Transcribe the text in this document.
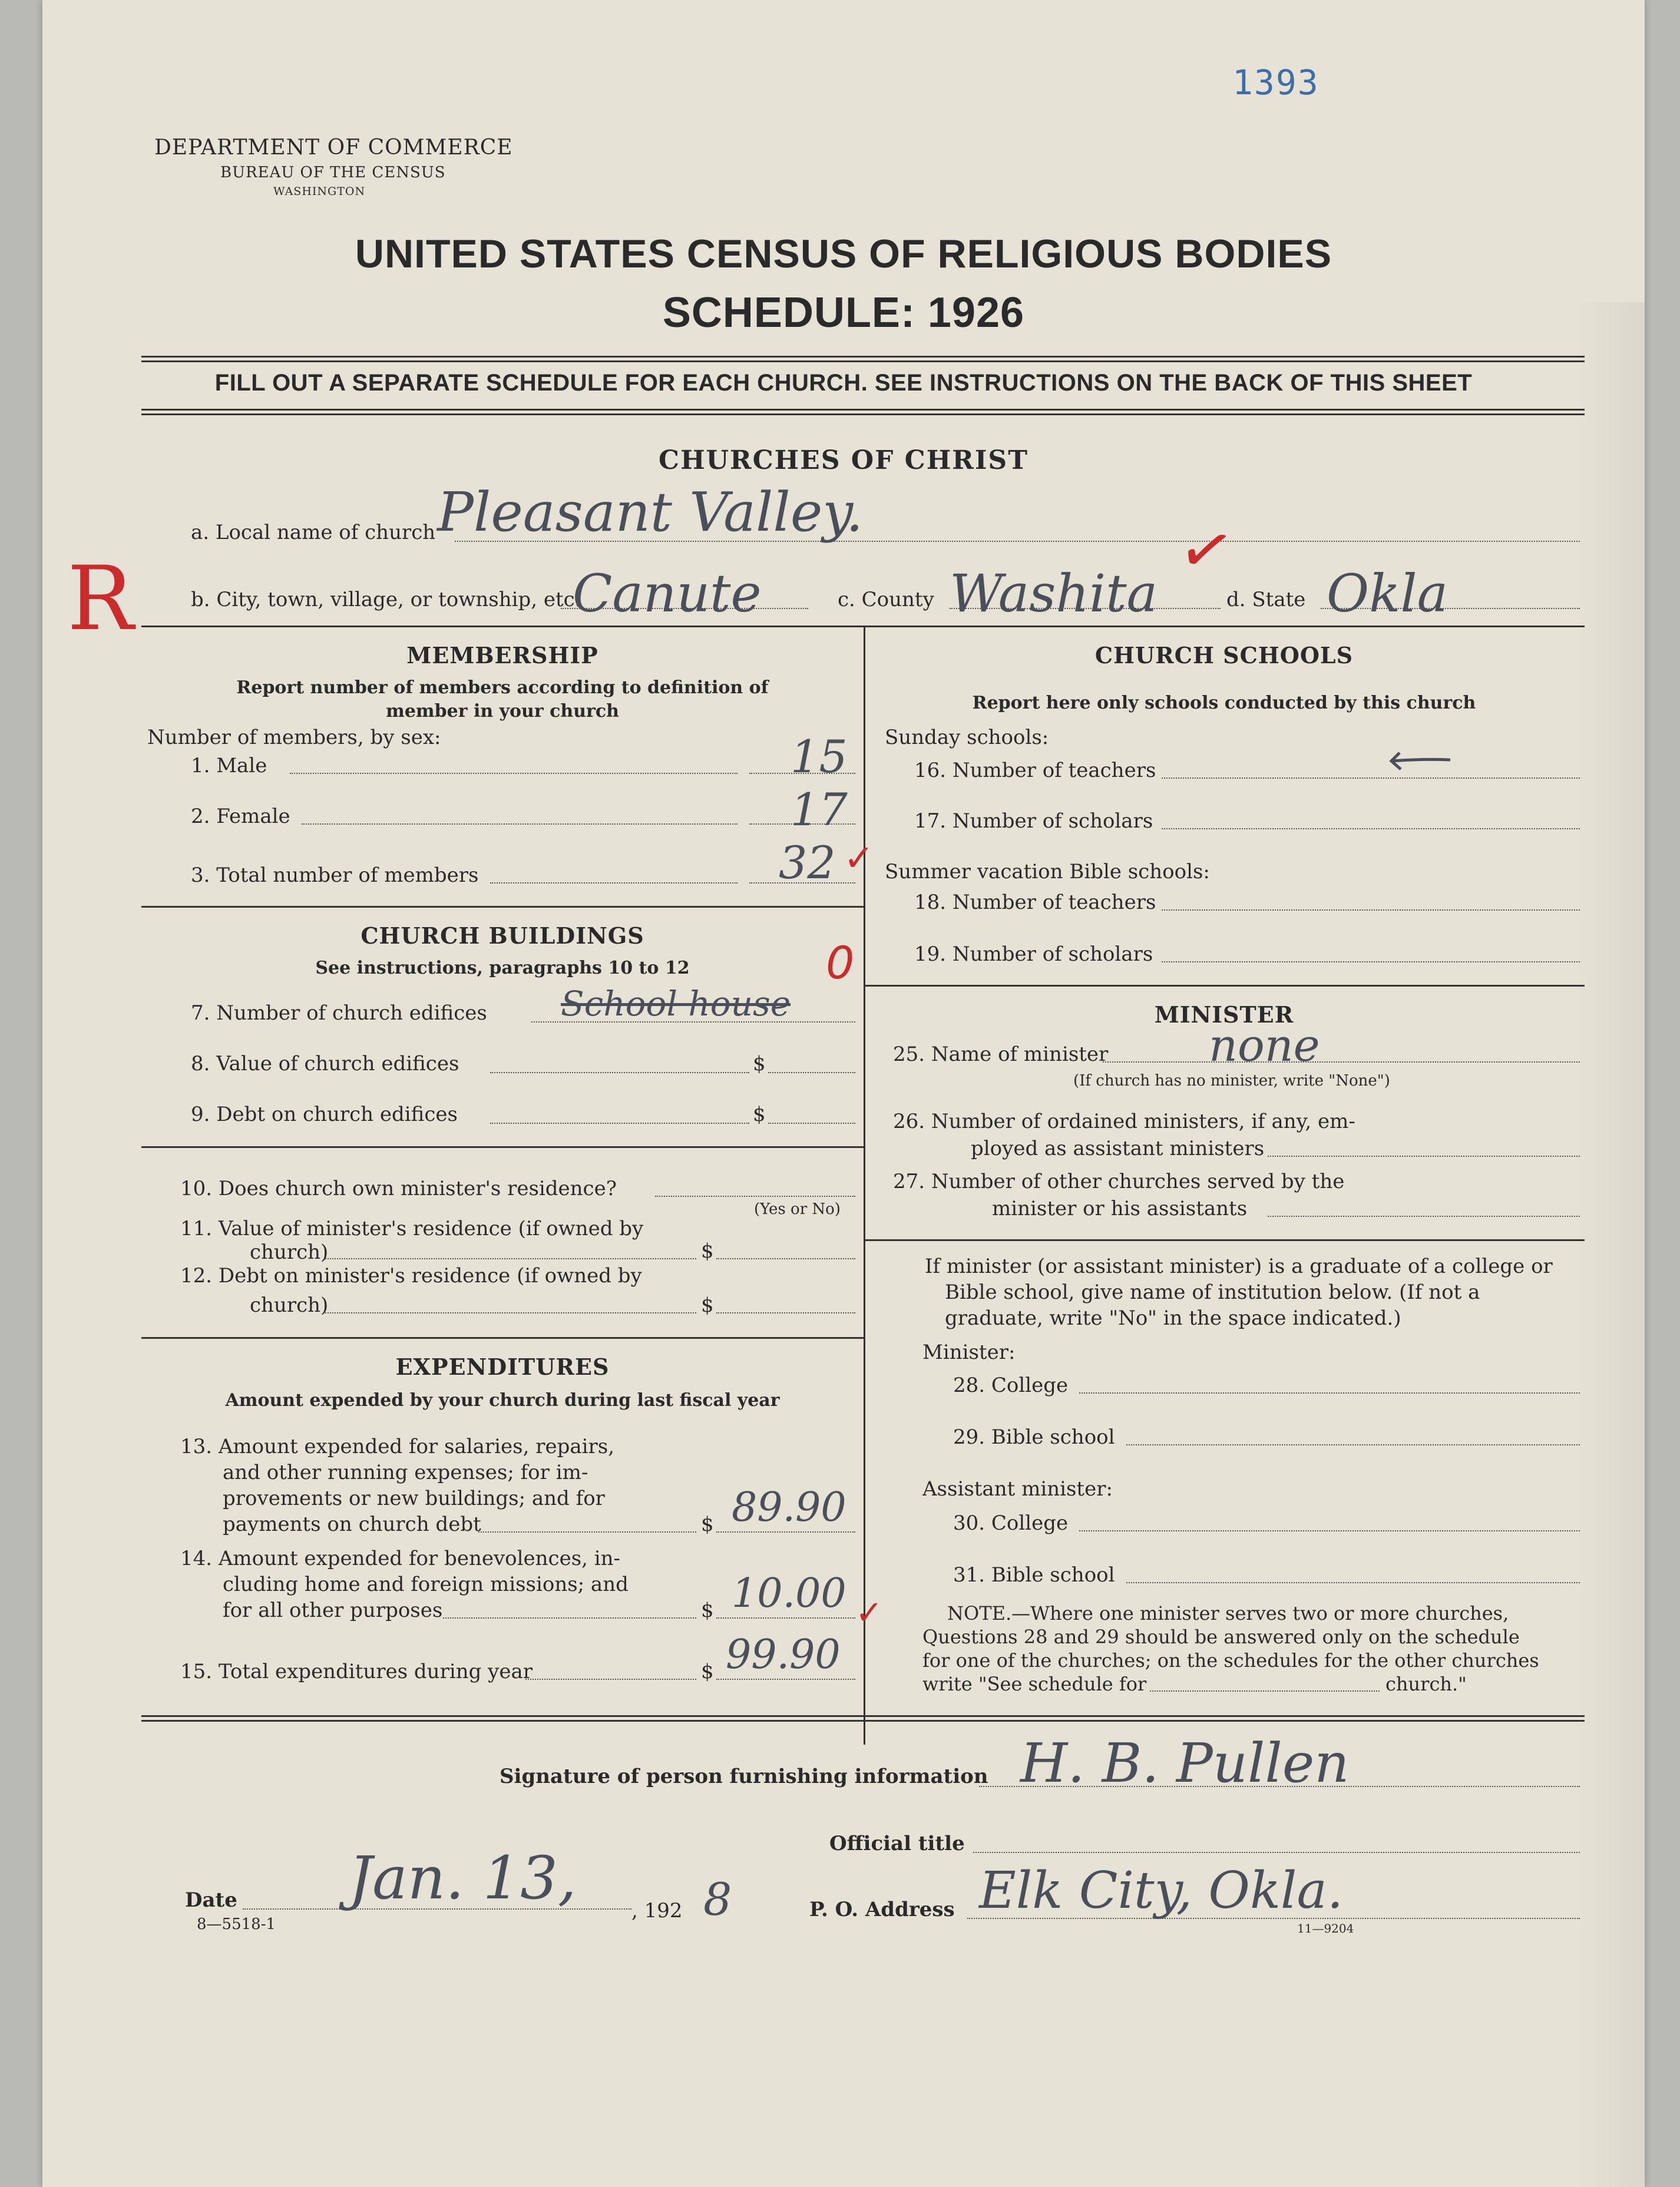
1393
DEPARTMENT OF COMMERCE
BUREAU OF THE CENSUS
WASHINGTON
UNITED STATES CENSUS OF RELIGIOUS BODIES
SCHEDULE: 1926
FILL OUT A SEPARATE SCHEDULE FOR EACH CHURCH. SEE INSTRUCTIONS ON THE BACK OF THIS SHEET
CHURCHES OF CHRIST
a. Local name of church Pleasant Valley.
b. City, town, village, or township, etc.
Canute	c. County Washita	d. State Okla
R	✓
MEMBERSHIP
Report number of members according to definition of
member in your church
Number of members, by sex:
1. Male	15
2. Female	17
3. Total number of members	32 ✓
CHURCH BUILDINGS
See instructions, paragraphs 10 to 12	0
7. Number of church edifices School house
8. Value of church edifices	$
9. Debt on church edifices	$
10. Does church own minister's residence?
(Yes or No)
11. Value of minister's residence (if owned by
church)	$
12. Debt on minister's residence (if owned by
church)	$
EXPENDITURES
Amount expended by your church during last fiscal year
13. Amount expended for salaries, repairs,
and other running expenses; for im-
provements or new buildings; and for
payments on church debt	$ 89.90
14. Amount expended for benevolences, in-
cluding home and foreign missions; and
for all other purposes	$ 10.00 ✓
15. Total expenditures during year	$ 99.90
CHURCH SCHOOLS
Report here only schools conducted by this church
Sunday schools:
16. Number of teachers
17. Number of scholars
Summer vacation Bible schools:
18. Number of teachers
19. Number of scholars
MINISTER
25. Name of minister none
(If church has no minister, write "None")
26. Number of ordained ministers, if any, em-
ployed as assistant ministers
27. Number of other churches served by the
minister or his assistants
If minister (or assistant minister) is a graduate of a college or
Bible school, give name of institution below. (If not a
graduate, write "No" in the space indicated.)
Minister:
28. College
29. Bible school
Assistant minister:
30. College
31. Bible school
NOTE.—Where one minister serves two or more churches,
Questions 28 and 29 should be answered only on the schedule
for one of the churches; on the schedules for the other churches
write "See schedule for	church."
Signature of person furnishing information H. B. Pullen
Official title
Date Jan. 13,	, 192 8
8—5518-1
P. O. Address Elk City, Okla.
11—9204
